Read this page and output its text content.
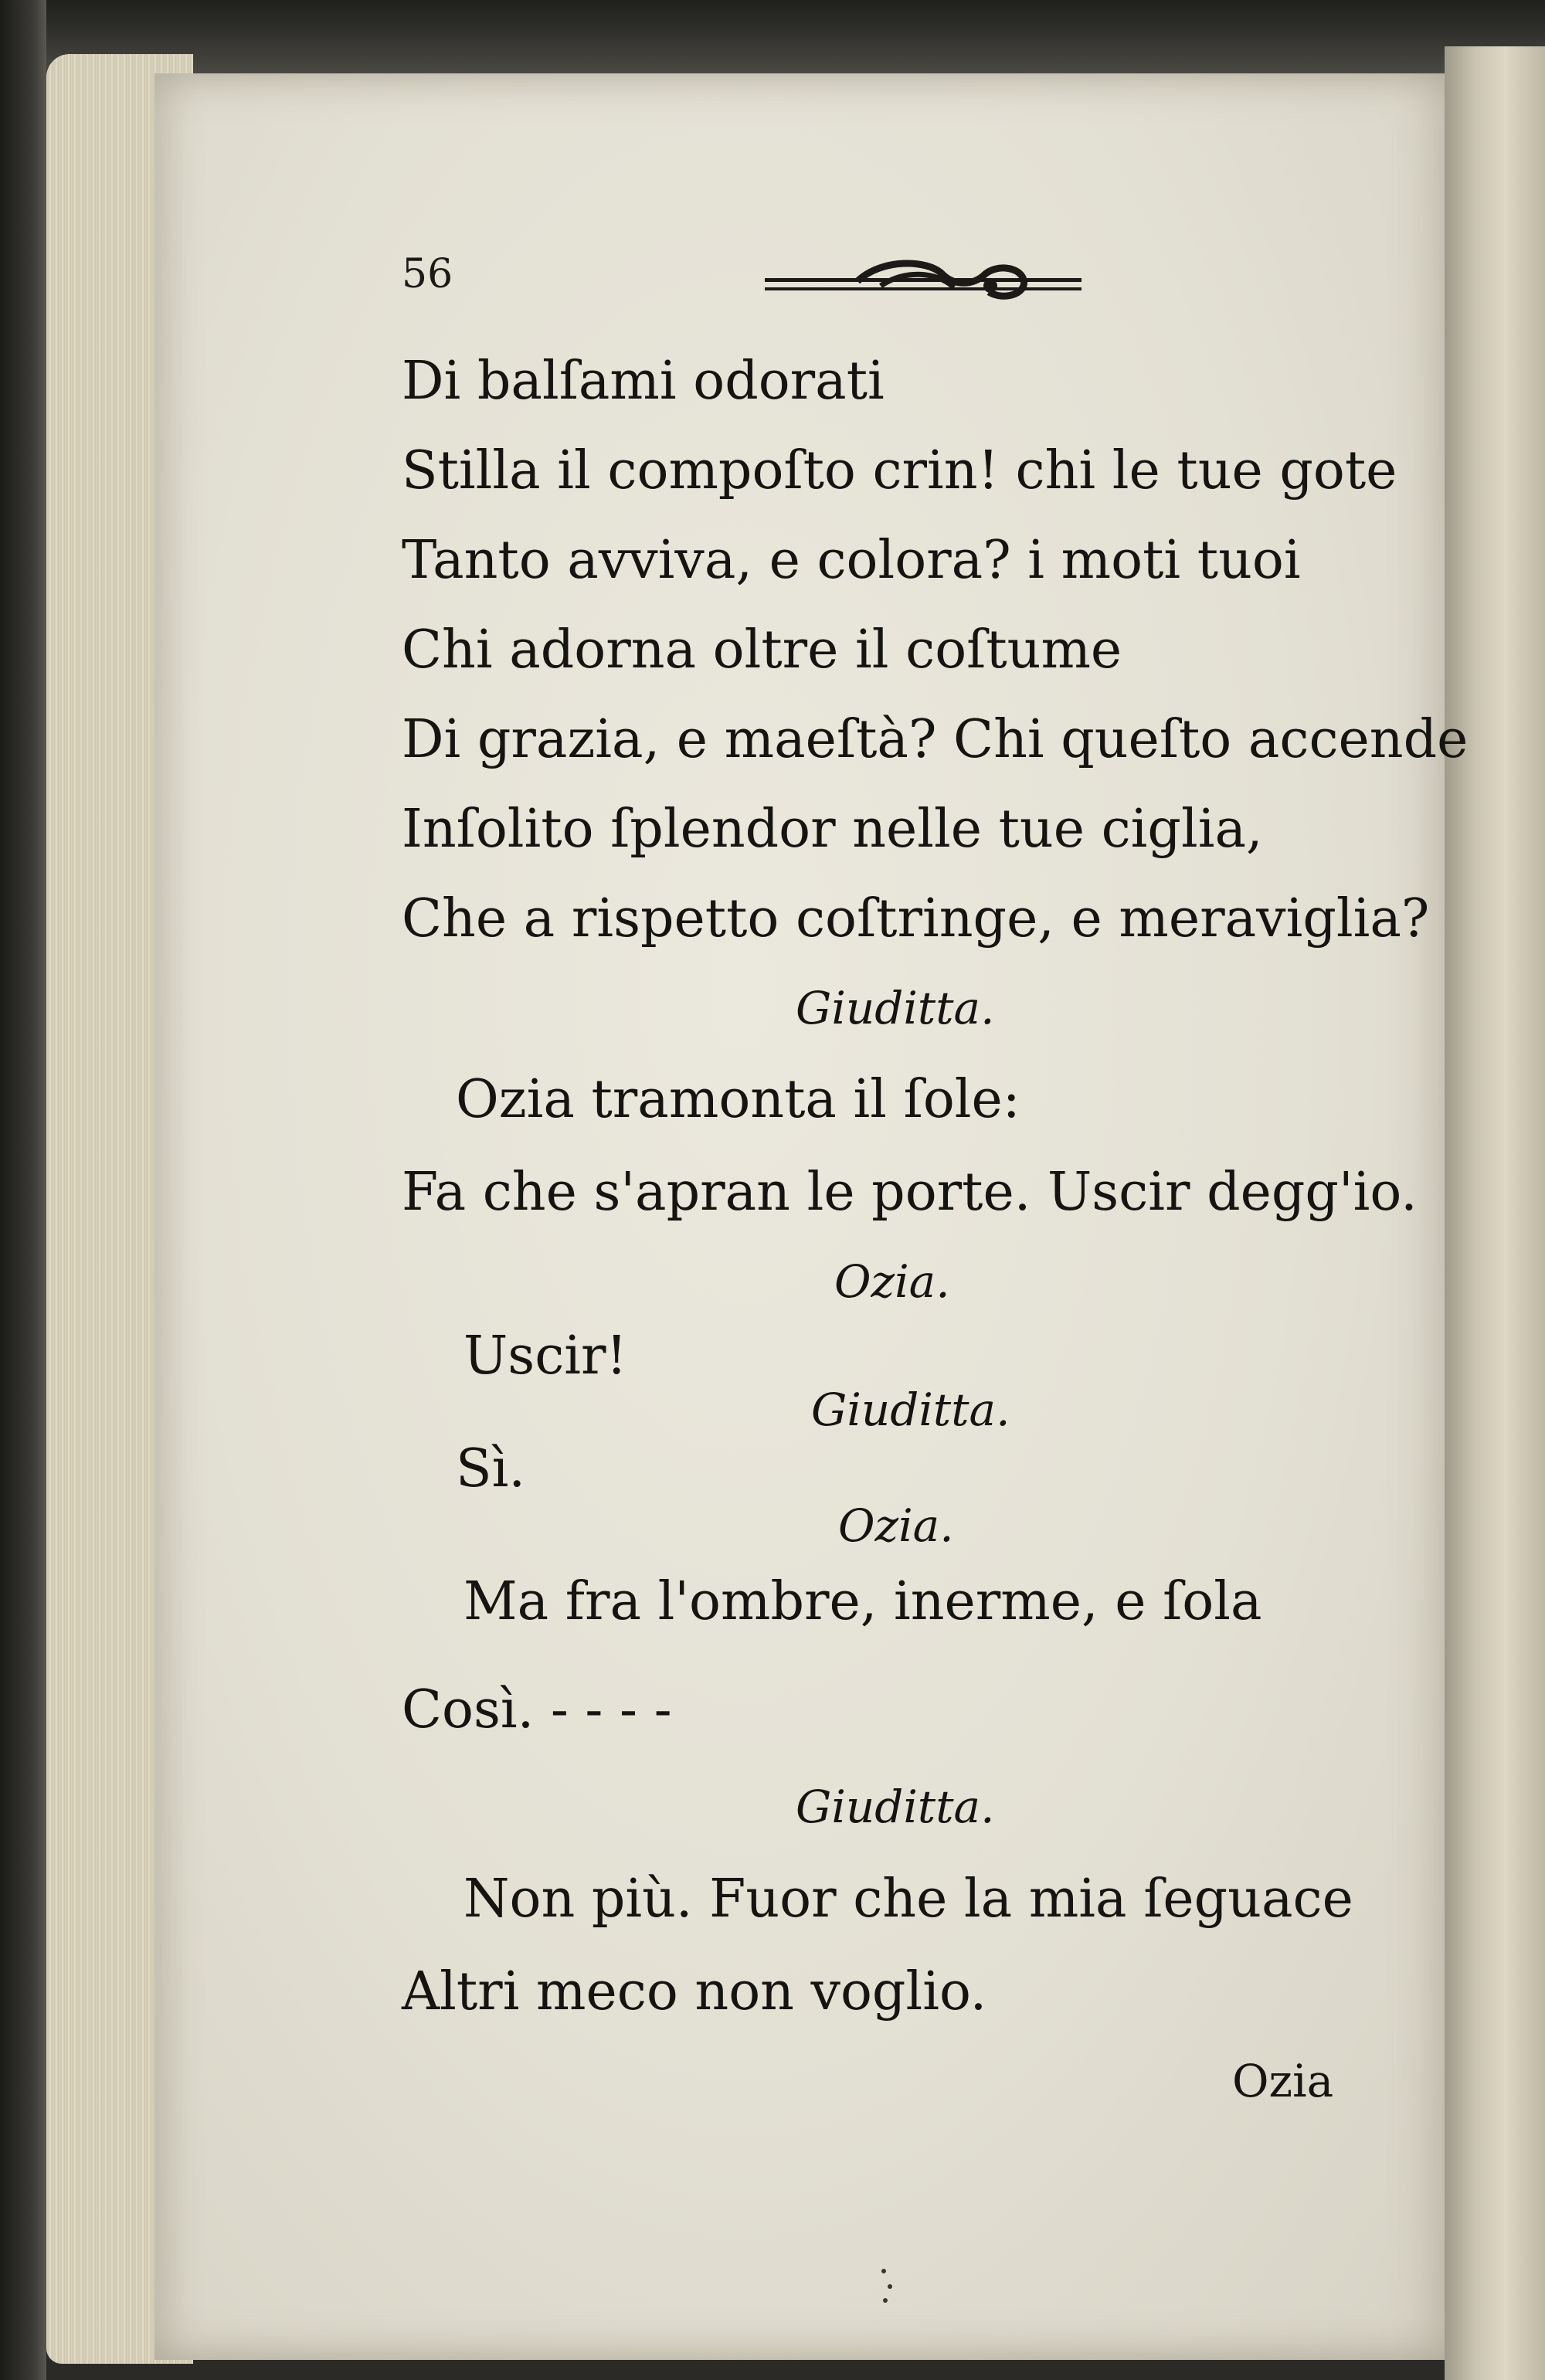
56
Di balſami odorati
Stilla il compoſto crin! chi le tue gote
Tanto avviva, e colora? i moti tuoi
Chi adorna oltre il coſtume
Di grazia, e maeſtà? Chi queſto accende
Inſolito ſplendor nelle tue ciglia,
Che a rispetto coſtringe, e meraviglia?
Giuditta.
Ozia tramonta il ſole:
Fa che s'apran le porte. Uscir degg'io.
Ozia.
Uscir!
Giuditta.
Sì.
Ozia.
Ma fra l'ombre, inerme, e ſola
Così. - - - -
Giuditta.
Non più. Fuor che la mia ſeguace
Altri meco non voglio.
Ozia
